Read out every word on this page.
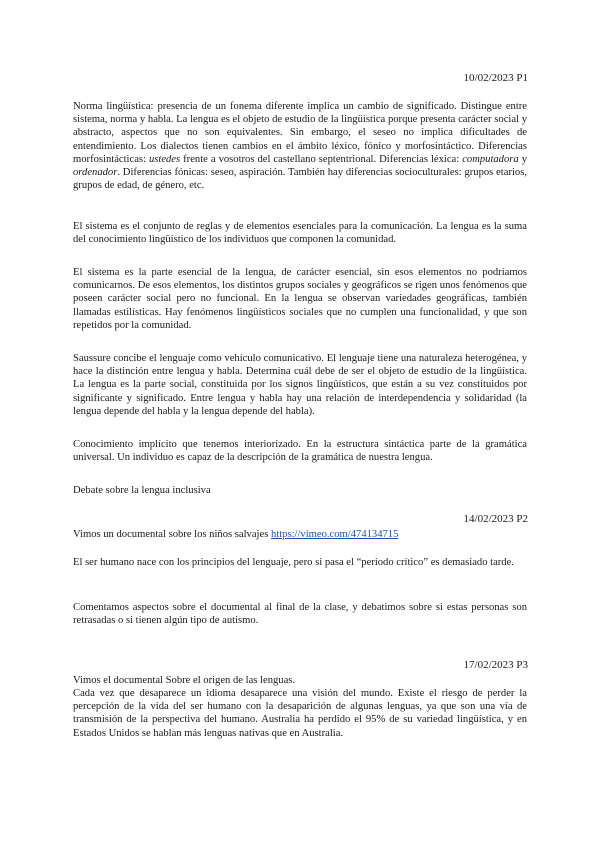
10/02/2023 P1

Norma lingüística: presencia de un fonema diferente implica un cambio de significado. Distingue entre sistema, norma y habla. La lengua es el objeto de estudio de la lingüística porque presenta carácter social y abstracto, aspectos que no son equivalentes. Sin embargo, el seseo no implica dificultades de entendimiento. Los dialectos tienen cambios en el ámbito léxico, fónico y morfosintáctico. Diferencias morfosintácticas: ustedes frente a vosotros del castellano septentrional. Diferencias léxica: computadora y ordenador. Diferencias fónicas: seseo, aspiración. También hay diferencias socioculturales: grupos etarios, grupos de edad, de género, etc.

El sistema es el conjunto de reglas y de elementos esenciales para la comunicación. La lengua es la suma del conocimiento lingüístico de los individuos que componen la comunidad.

El sistema es la parte esencial de la lengua, de carácter esencial, sin esos elementos no podríamos comunicarnos. De esos elementos, los distintos grupos sociales y geográficos se rigen unos fenómenos que poseen carácter social pero no funcional. En la lengua se observan variedades geográficas, también llamadas estilísticas. Hay fenómenos lingüísticos sociales que no cumplen una funcionalidad, y que son repetidos por la comunidad.

Saussure concibe el lenguaje como vehículo comunicativo. El lenguaje tiene una naturaleza heterogénea, y hace la distinción entre lengua y habla. Determina cuál debe de ser el objeto de estudio de la lingüística. La lengua es la parte social, constituida por los signos lingüísticos, que están a su vez constituidos por significante y significado. Entre lengua y habla hay una relación de interdependencia y solidaridad (la lengua depende del habla y la lengua depende del habla).

Conocimiento implícito que tenemos interiorizado. En la estructura sintáctica parte de la gramática universal. Un individuo es capaz de la descripción de la gramática de nuestra lengua.

Debate sobre la lengua inclusiva

14/02/2023 P2

Vimos un documental sobre los niños salvajes https://vimeo.com/474134715

El ser humano nace con los principios del lenguaje, pero si pasa el “periodo crítico” es demasiado tarde.

Comentamos aspectos sobre el documental al final de la clase, y debatimos sobre si estas personas son retrasadas o si tienen algún tipo de autismo.

17/02/2023 P3

Vimos el documental Sobre el origen de las lenguas.

Cada vez que desaparece un idioma desaparece una visión del mundo. Existe el riesgo de perder la percepción de la vida del ser humano con la desaparición de algunas lenguas, ya que son una vía de transmisión de la perspectiva del humano. Australia ha perdido el 95% de su variedad lingüística, y en Estados Unidos se hablan más lenguas nativas que en Australia.
